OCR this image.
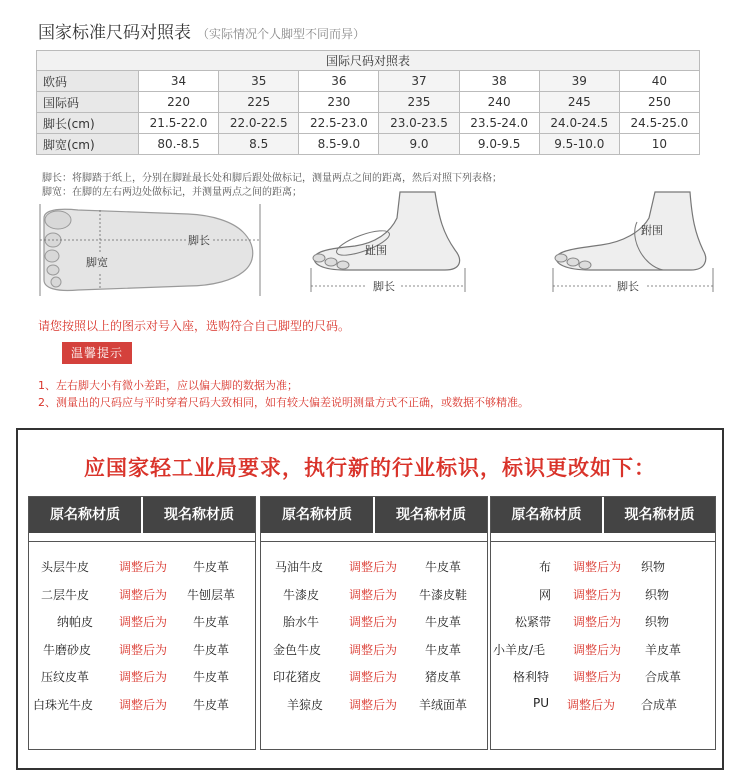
国家标准尺码对照表 （实际情况个人脚型不同而异）
国际尺码对照表							
欧码	34	35	36	37	38	39	40
国际码	220	225	230	235	240	245	250
脚长(cm)	21.5-22.0	22.0-22.5	22.5-23.0	23.0-23.5	23.5-24.0	24.0-24.5	24.5-25.0
脚宽(cm)	80.-8.5	8.5	8.5-9.0	9.0	9.0-9.5	9.5-10.0	10
脚长：将脚踏于纸上，分别在脚趾最长处和脚后跟处做标记，测量两点之间的距离，然后对照下列表格；
脚宽：在脚的左右两边处做标记，并测量两点之间的距离；
脚长
脚宽
趾围
脚长
跗围
脚长
请您按照以上的图示对号入座，选购符合自己脚型的尺码。
温馨提示
1、左右脚大小有微小差距，应以偏大脚的数据为准；
2、测量出的尺码应与平时穿着尺码大致相同，如有较大偏差说明测量方式不正确，或数据不够精准。
应国家轻工业局要求，执行新的行业标识，标识更改如下：
原名称材质	现名称材质
头层牛皮 调整后为 牛皮革
二层牛皮 调整后为 牛刨层革
纳帕皮 调整后为 牛皮革
牛磨砂皮 调整后为 牛皮革
压纹皮革 调整后为 牛皮革
白珠光牛皮 调整后为 牛皮革
原名称材质	现名称材质
马油牛皮 调整后为 牛皮革
牛漆皮 调整后为 牛漆皮鞋
胎水牛 调整后为 牛皮革
金色牛皮 调整后为 牛皮革
印花猪皮 调整后为 猪皮革
羊猄皮 调整后为 羊绒面革
原名称材质	现名称材质
布 调整后为 织物
网 调整后为 织物
松紧带 调整后为 织物
小羊皮/毛 调整后为 羊皮革
格利特 调整后为 合成革
PU 调整后为 合成革
